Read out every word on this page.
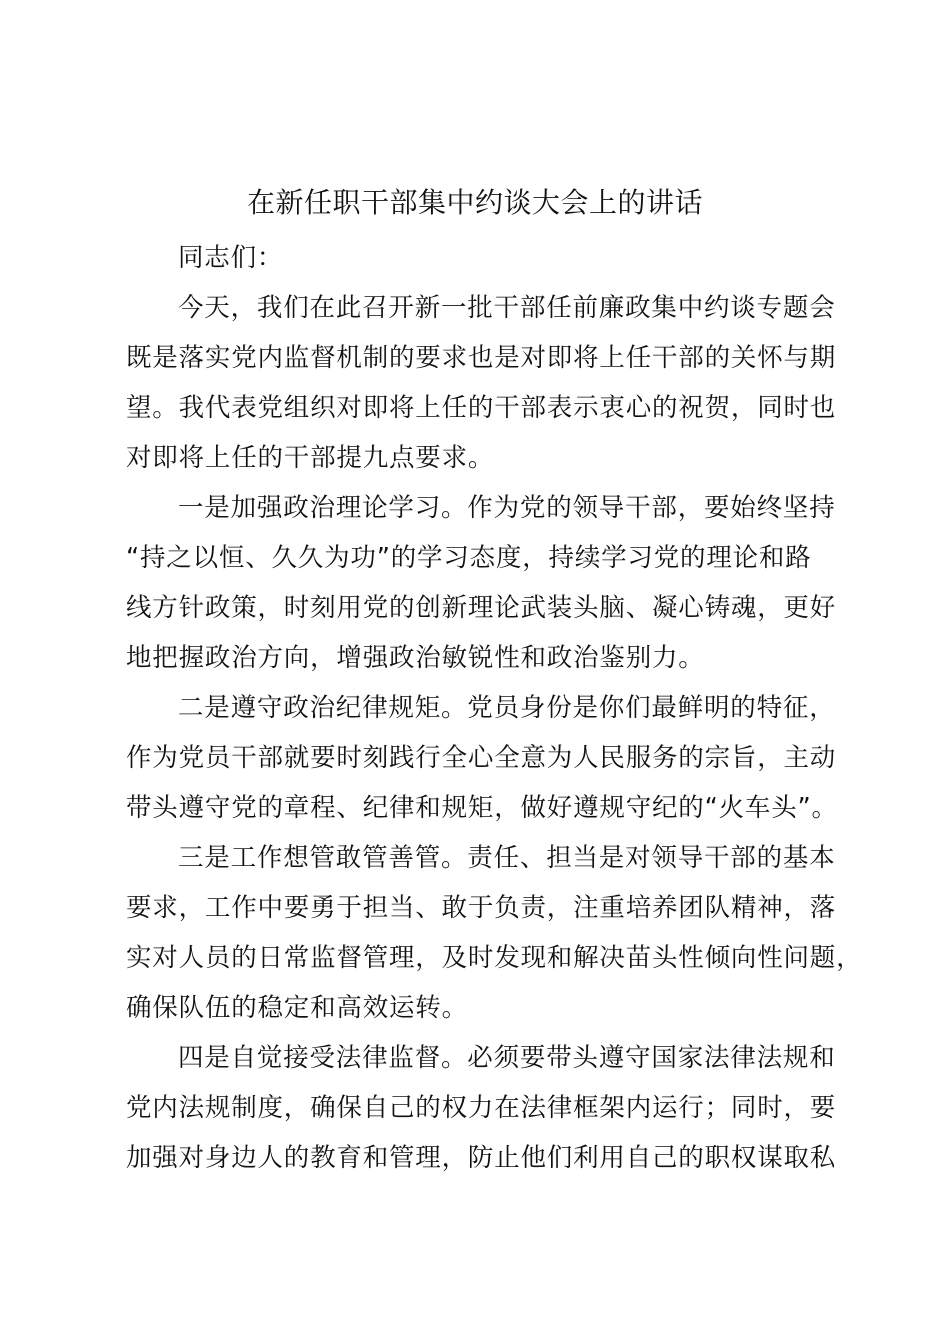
在新任职干部集中约谈大会上的讲话
同志们：
今天，我们在此召开新一批干部任前廉政集中约谈专题会
既是落实党内监督机制的要求也是对即将上任干部的关怀与期
望。我代表党组织对即将上任的干部表示衷心的祝贺，同时也
对即将上任的干部提九点要求。
一是加强政治理论学习。作为党的领导干部，要始终坚持
“持之以恒、久久为功”的学习态度，持续学习党的理论和路
线方针政策，时刻用党的创新理论武装头脑、凝心铸魂，更好
地把握政治方向，增强政治敏锐性和政治鉴别力。
二是遵守政治纪律规矩。党员身份是你们最鲜明的特征，
作为党员干部就要时刻践行全心全意为人民服务的宗旨，主动
带头遵守党的章程、纪律和规矩，做好遵规守纪的“火车头”。
三是工作想管敢管善管。责任、担当是对领导干部的基本
要求，工作中要勇于担当、敢于负责，注重培养团队精神，落
实对人员的日常监督管理，及时发现和解决苗头性倾向性问题，
确保队伍的稳定和高效运转。
四是自觉接受法律监督。必须要带头遵守国家法律法规和
党内法规制度，确保自己的权力在法律框架内运行；同时，要
加强对身边人的教育和管理，防止他们利用自己的职权谋取私
